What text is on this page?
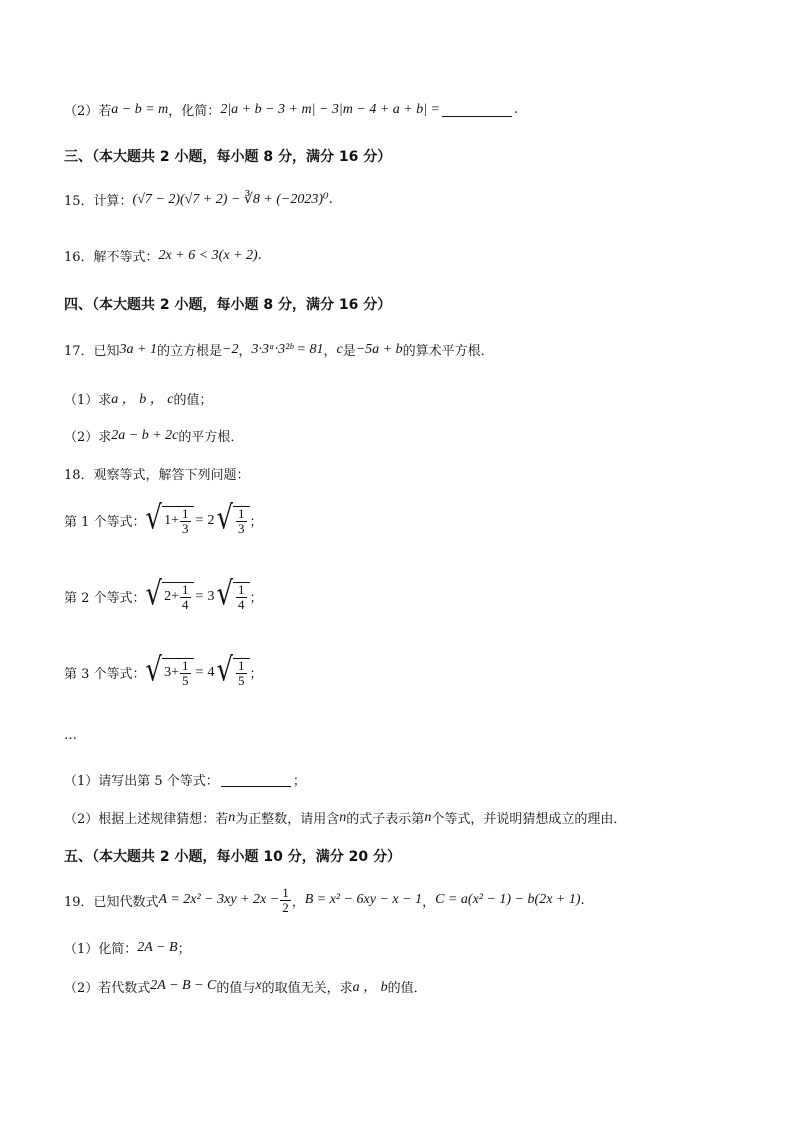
（2）若 a − b = m ，化简： 2|a + b − 3 + m| − 3|m − 4 + a + b| =	.
三、（本大题共 2 小题，每小题 8 分，满分 16 分）
15．计算： (√7 − 2)(√7 + 2) − ∛8 + (−2023)⁰ .
16．解不等式： 2x + 6 < 3(x + 2) .
四、（本大题共 2 小题，每小题 8 分，满分 16 分）
17．已知 3a + 1 的立方根是 −2 ， 3·3ᵃ·3²ᵇ = 81 ， c 是 −5a + b 的算术平方根．
（1）求 a ， b ， c 的值；
（2）求 2a − b + 2c 的平方根．
18．观察等式，解答下列问题：
第 1 个等式： √ $1+ \frac{1}{3} = 2$ √ $\frac{1}{3}$ ；
第 2 个等式： √ $2+ \frac{1}{4} = 3$ √ $\frac{1}{4}$ ；
第 3 个等式： √ $3+ \frac{1}{5} = 4$ √ $\frac{1}{5}$ ；
…
（1）请写出第 5 个等式：	；
（2）根据上述规律猜想：若 n 为正整数，请用含 n 的式子表示第 n 个等式，并说明猜想成立的理由．
五、（本大题共 2 小题，每小题 10 分，满分 20 分）
19．已知代数式 $A = 2x^2 - 3xy + 2x - \frac{1}{2}$ ， B = x² − 6xy − x − 1 ， C = a(x² − 1) − b(2x + 1) .
（1）化简： 2A − B ；
（2）若代数式 2A − B − C 的值与 x 的取值无关，求 a ， b 的值．
